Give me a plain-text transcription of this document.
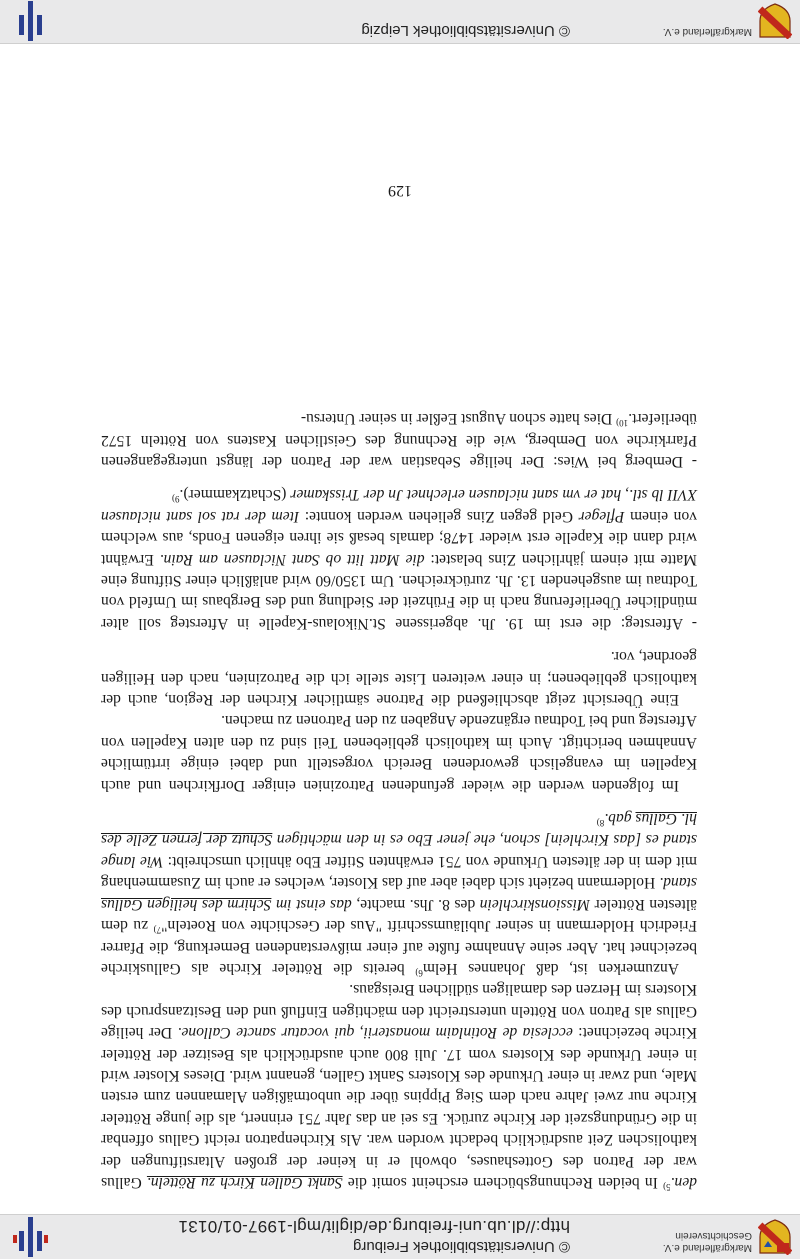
Markgräflerland e.V.
Geschichtsverein
© Universitätsbibliothek Freiburg
http://dl.ub.uni-freiburg.de/diglit/mgl-1997-01/0131

den.$^{5)}$ In beiden Rechnungsbüchern erscheint somit die Sankt Gallen Kirch zu Rötteln. Gallus war der Patron des Gotteshauses, obwohl er in keiner der großen Altarstiftungen der katholischen Zeit ausdrücklich bedacht worden war. Als Kirchenpatron reicht Gallus offenbar in die Gründungszeit der Kirche zurück. Es sei an das Jahr 751 erinnert, als die junge Rötteler Kirche nur zwei Jahre nach dem Sieg Pippins über die unbotmäßigen Alamannen zum ersten Male, und zwar in einer Urkunde des Klosters Sankt Gallen, genannt wird. Dieses Kloster wird in einer Urkunde des Klosters vom 17. Juli 800 auch ausdrücklich als Besitzer der Rötteler Kirche bezeichnet: ecclesia de Rotinlaim monasterii, qui vocatur sancte Callone. Der heilige Gallus als Patron von Rötteln unterstreicht den mächtigen Einfluß und den Besitzanspruch des Klosters im Herzen des damaligen südlichen Breisgaus.

Anzumerken ist, daß Johannes Helm$^{6)}$ bereits die Rötteler Kirche als Galluskirche bezeichnet hat. Aber seine Annahme fußte auf einer mißverstandenen Bemerkung, die Pfarrer Friedrich Holdermann in seiner Jubiläumsschrift "Aus der Geschichte von Roeteln"$^{7)}$ zu dem ältesten Rötteler Missionskirchlein des 8. Jhs. machte, das einst im Schirm des heiligen Gallus stand. Holdermann bezieht sich dabei aber auf das Kloster, welches er auch im Zusammenhang mit dem in der ältesten Urkunde von 751 erwähnten Stifter Ebo ähnlich umschreibt: Wie lange stand es [das Kirchlein] schon, ehe jener Ebo es in den mächtigen Schutz der fernen Zelle des hl. Gallus gab.$^{8)}$

Im folgenden werden die wieder gefundenen Patrozinien einiger Dorfkirchen und auch Kapellen im evangelisch gewordenen Bereich vorgestellt und dabei einige irrtümliche Annahmen berichtigt. Auch im katholisch gebliebenen Teil sind zu den alten Kapellen von Aftersteg und bei Todtnau ergänzende Angaben zu den Patronen zu machen.

Eine Übersicht zeigt abschließend die Patrone sämtlicher Kirchen der Region, auch der katholisch gebliebenen; in einer weiteren Liste stelle ich die Patrozinien, nach den Heiligen geordnet, vor.

- Aftersteg: die erst im 19. Jh. abgerissene St.Nikolaus-Kapelle in Aftersteg soll alter mündlicher Überlieferung nach in die Frühzeit der Siedlung und des Bergbaus im Umfeld von Todtnau im ausgehenden 13. Jh. zurückreichen. Um 1350/60 wird anläßlich einer Stiftung eine Matte mit einem jährlichen Zins belastet: die Matt litt ob Sant Niclausen am Rain. Erwähnt wird dann die Kapelle erst wieder 1478; damals besaß sie ihren eigenen Fonds, aus welchem von einem Pfleger Geld gegen Zins geliehen werden konnte: Item der rat sol sant niclausen XVII lb stl., hat er vm sant niclausen erlechnet Jn der Trisskamer (Schatzkammer).$^{9)}$

- Demberg bei Wies: Der heilige Sebastian war der Patron der längst untergegangenen Pfarrkirche von Demberg, wie die Rechnung des Geistlichen Kastens von Rötteln 1572 überliefert.$^{10)}$ Dies hatte schon August Eeßler in seiner Untersu-

129
Markgräflerland e.V.
© Universitätsbibliothek Leipzig
